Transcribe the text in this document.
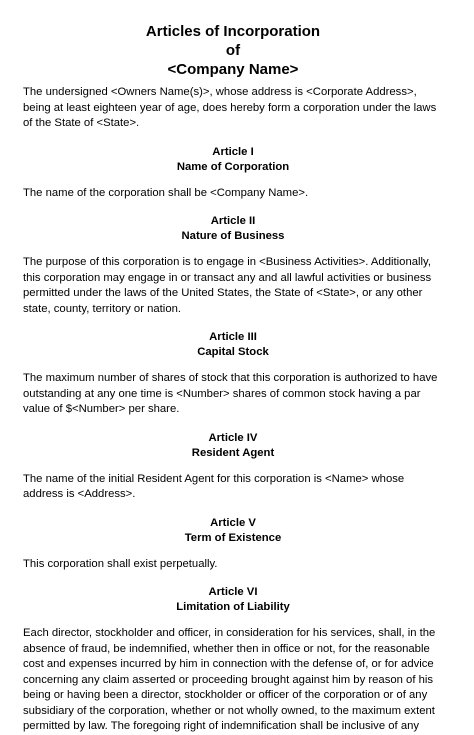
Articles of Incorporation
of
<Company Name>

The undersigned <Owners Name(s)>, whose address is <Corporate Address>, being at least eighteen year of age, does hereby form a corporation under the laws of the State of <State>.

Article I
Name of Corporation

The name of the corporation shall be <Company Name>.

Article II
Nature of Business

The purpose of this corporation is to engage in <Business Activities>. Additionally, this corporation may engage in or transact any and all lawful activities or business permitted under the laws of the United States, the State of <State>, or any other state, county, territory or nation.

Article III
Capital Stock

The maximum number of shares of stock that this corporation is authorized to have outstanding at any one time is <Number> shares of common stock having a par value of $<Number> per share.

Article IV
Resident Agent

The name of the initial Resident Agent for this corporation is <Name> whose address is <Address>.

Article V
Term of Existence

This corporation shall exist perpetually.

Article VI
Limitation of Liability

Each director, stockholder and officer, in consideration for his services, shall, in the absence of fraud, be indemnified, whether then in office or not, for the reasonable cost and expenses incurred by him in connection with the defense of, or for advice concerning any claim asserted or proceeding brought against him by reason of his being or having been a director, stockholder or officer of the corporation or of any subsidiary of the corporation, whether or not wholly owned, to the maximum extent permitted by law. The foregoing right of indemnification shall be inclusive of any
